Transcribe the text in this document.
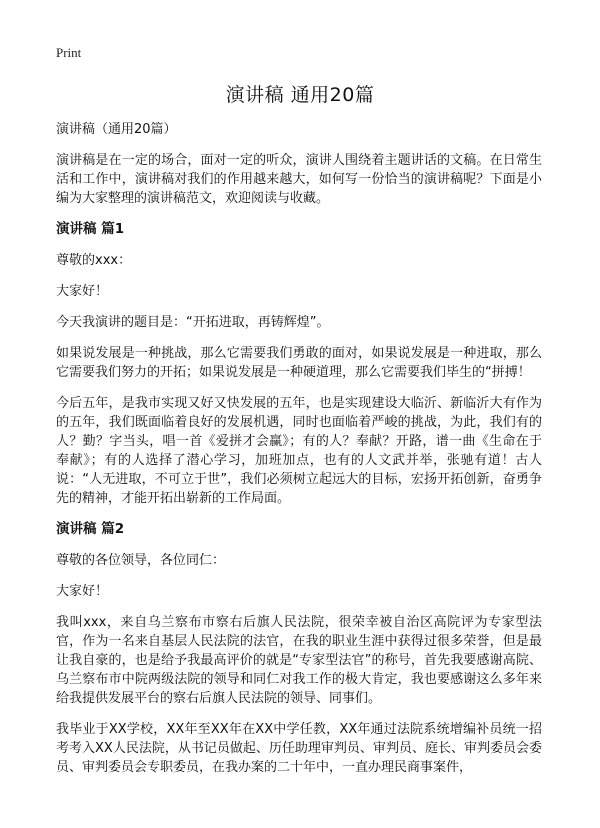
Print

演讲稿 通用20篇

演讲稿（通用20篇）

演讲稿是在一定的场合，面对一定的听众，演讲人围绕着主题讲话的文稿。在日常生活和工作中，演讲稿对我们的作用越来越大，如何写一份恰当的演讲稿呢？下面是小编为大家整理的演讲稿范文，欢迎阅读与收藏。

演讲稿 篇1

尊敬的xxx：

大家好！

今天我演讲的题目是：“开拓进取，再铸辉煌”。

如果说发展是一种挑战，那么它需要我们勇敢的面对，如果说发展是一种进取，那么它需要我们努力的开拓；如果说发展是一种硬道理，那么它需要我们毕生的“拼搏！

今后五年，是我市实现又好又快发展的五年，也是实现建设大临沂、新临沂大有作为的五年，我们既面临着良好的发展机遇，同时也面临着严峻的挑战，为此，我们有的人？勤？字当头，唱一首《爱拼才会赢》；有的人？奉献？开路，谱一曲《生命在于奉献》；有的人选择了潜心学习，加班加点，也有的人文武并举，张驰有道！古人说：“人无进取，不可立于世”，我们必须树立起远大的目标，宏扬开拓创新，奋勇争先的精神，才能开拓出崭新的工作局面。

演讲稿 篇2

尊敬的各位领导，各位同仁：

大家好！

我叫xxx，来自乌兰察布市察右后旗人民法院，很荣幸被自治区高院评为专家型法官，作为一名来自基层人民法院的法官，在我的职业生涯中获得过很多荣誉，但是最让我自豪的，也是给予我最高评价的就是“专家型法官”的称号，首先我要感谢高院、乌兰察布市中院两级法院的领导和同仁对我工作的极大肯定，我也要感谢这么多年来给我提供发展平台的察右后旗人民法院的领导、同事们。

我毕业于XX学校，XX年至XX年在XX中学任教，XX年通过法院系统增编补员统一招考考入XX人民法院，从书记员做起、历任助理审判员、审判员、庭长、审判委员会委员、审判委员会专职委员，在我办案的二十年中，一直办理民商事案件，
